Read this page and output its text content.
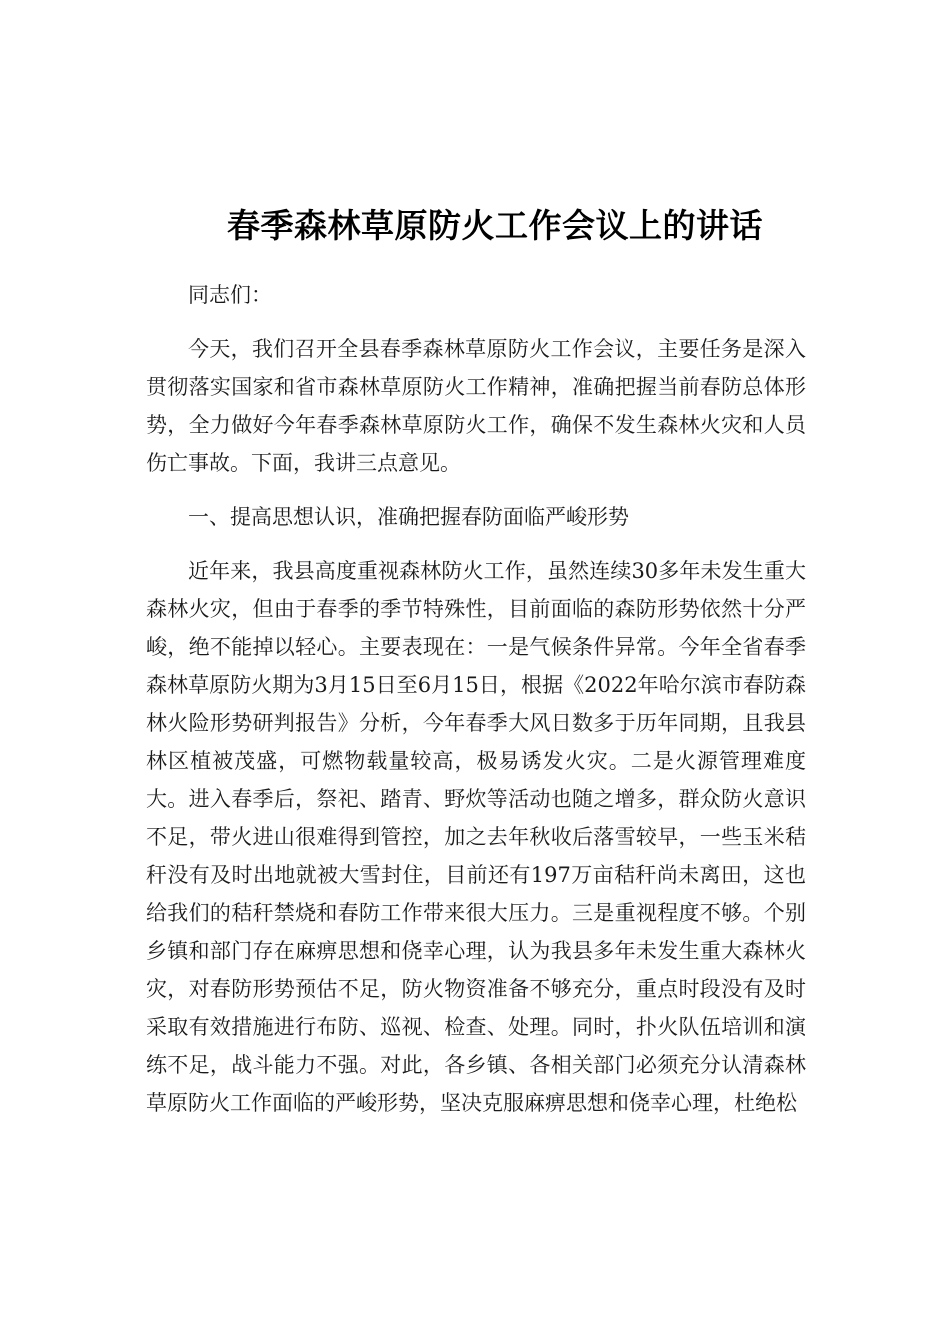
春季森林草原防火工作会议上的讲话

同志们：

今天，我们召开全县春季森林草原防火工作会议，主要任务是深入贯彻落实国家和省市森林草原防火工作精神，准确把握当前春防总体形势，全力做好今年春季森林草原防火工作，确保不发生森林火灾和人员伤亡事故。下面，我讲三点意见。

一、提高思想认识，准确把握春防面临严峻形势

近年来，我县高度重视森林防火工作，虽然连续30多年未发生重大森林火灾，但由于春季的季节特殊性，目前面临的森防形势依然十分严峻，绝不能掉以轻心。主要表现在：一是气候条件异常。今年全省春季森林草原防火期为3月15日至6月15日，根据《2022年哈尔滨市春防森林火险形势研判报告》分析，今年春季大风日数多于历年同期，且我县林区植被茂盛，可燃物载量较高，极易诱发火灾。二是火源管理难度大。进入春季后，祭祀、踏青、野炊等活动也随之增多，群众防火意识不足，带火进山很难得到管控，加之去年秋收后落雪较早，一些玉米秸秆没有及时出地就被大雪封住，目前还有197万亩秸秆尚未离田，这也给我们的秸秆禁烧和春防工作带来很大压力。三是重视程度不够。个别乡镇和部门存在麻痹思想和侥幸心理，认为我县多年未发生重大森林火灾，对春防形势预估不足，防火物资准备不够充分，重点时段没有及时采取有效措施进行布防、巡视、检查、处理。同时，扑火队伍培训和演练不足，战斗能力不强。对此，各乡镇、各相关部门必须充分认清森林草原防火工作面临的严峻形势，坚决克服麻痹思想和侥幸心理，杜绝松
